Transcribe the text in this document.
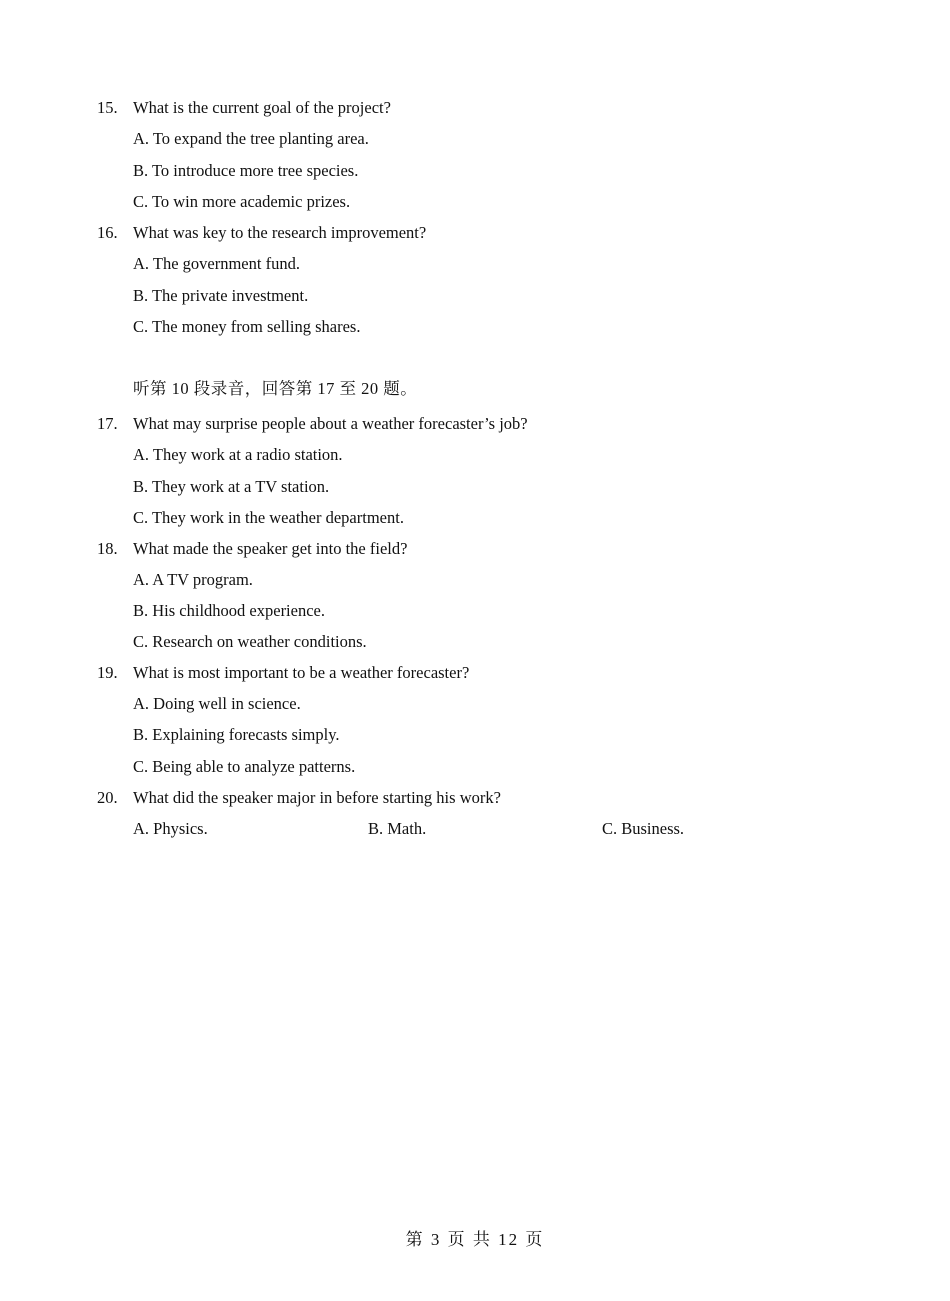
15. What is the current goal of the project?
A. To expand the tree planting area.
B. To introduce more tree species.
C. To win more academic prizes.
16. What was key to the research improvement?
A. The government fund.
B. The private investment.
C. The money from selling shares.
听第 10 段录音，回答第 17 至 20 题。
17. What may surprise people about a weather forecaster’s job?
A. They work at a radio station.
B. They work at a TV station.
C. They work in the weather department.
18. What made the speaker get into the field?
A. A TV program.
B. His childhood experience.
C. Research on weather conditions.
19. What is most important to be a weather forecaster?
A. Doing well in science.
B. Explaining forecasts simply.
C. Being able to analyze patterns.
20. What did the speaker major in before starting his work?
A. Physics.	B. Math.	C. Business.
第 3 页 共 12 页
